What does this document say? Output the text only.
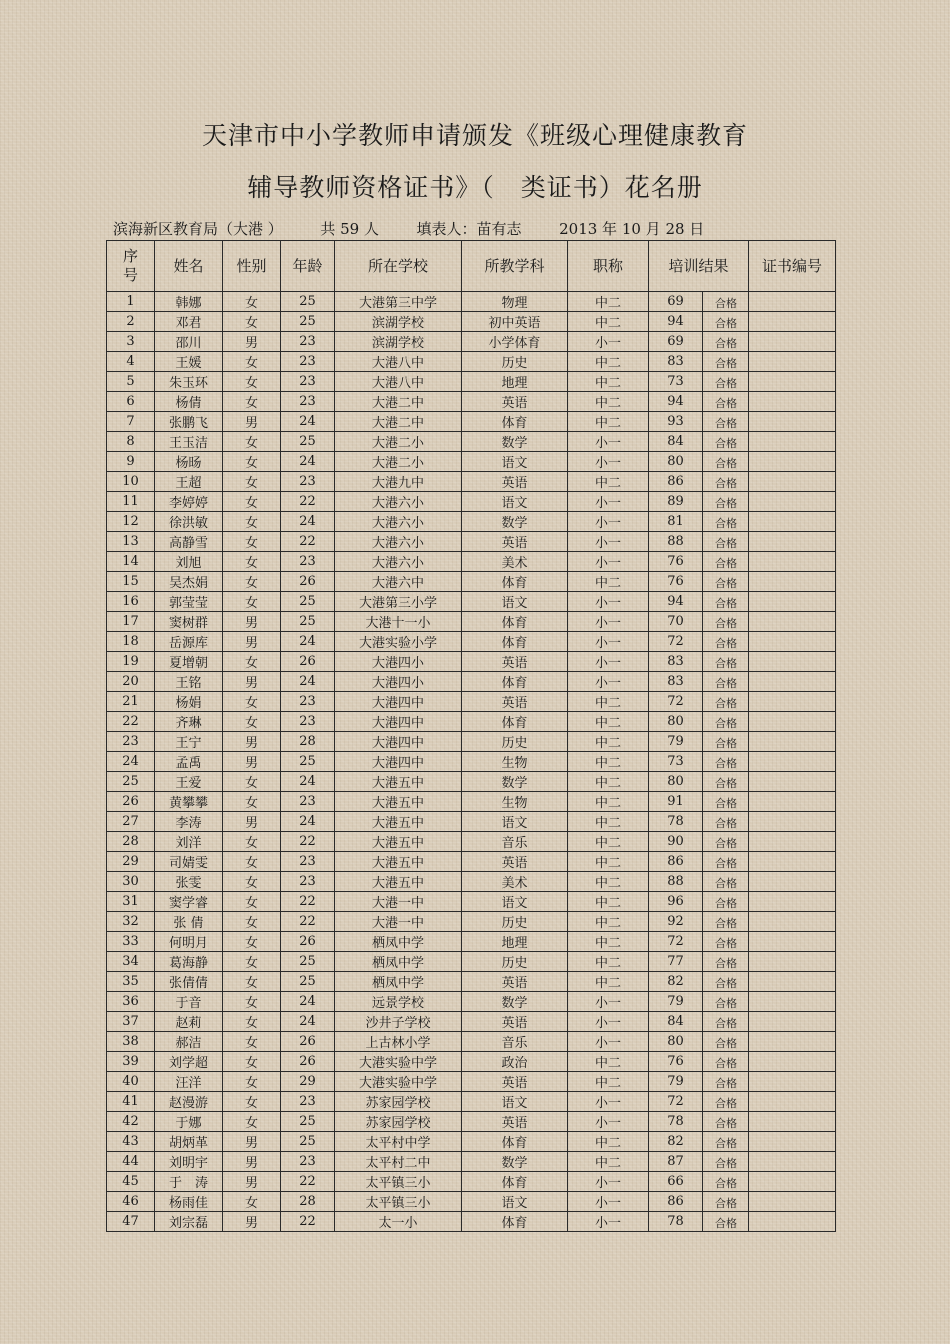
天津市中小学教师申请颁发《班级心理健康教育
辅导教师资格证书》（　类证书）花名册
滨海新区教育局（大港 ）	共 59 人	填表人：苗有志	2013 年 10 月 28 日
序号	姓名	性别	年龄	所在学校	所教学科	职称	培训结果		证书编号
1	韩娜	女	25	大港第三中学	物理	中二	69	合格	
2	邓君	女	25	滨湖学校	初中英语	中二	94	合格	
3	邵川	男	23	滨湖学校	小学体育	小一	69	合格	
4	王媛	女	23	大港八中	历史	中二	83	合格	
5	朱玉环	女	23	大港八中	地理	中二	73	合格	
6	杨倩	女	23	大港二中	英语	中二	94	合格	
7	张鹏飞	男	24	大港二中	体育	中二	93	合格	
8	王玉洁	女	25	大港二小	数学	小一	84	合格	
9	杨旸	女	24	大港二小	语文	小一	80	合格	
10	王超	女	23	大港九中	英语	中二	86	合格	
11	李婷婷	女	22	大港六小	语文	小一	89	合格	
12	徐洪敏	女	24	大港六小	数学	小一	81	合格	
13	高静雪	女	22	大港六小	英语	小一	88	合格	
14	刘旭	女	23	大港六小	美术	小一	76	合格	
15	吴杰娟	女	26	大港六中	体育	中二	76	合格	
16	郭莹莹	女	25	大港第三小学	语文	小一	94	合格	
17	窦树群	男	25	大港十一小	体育	小一	70	合格	
18	岳源库	男	24	大港实验小学	体育	小一	72	合格	
19	夏增朝	女	26	大港四小	英语	小一	83	合格	
20	王铭	男	24	大港四小	体育	小一	83	合格	
21	杨娟	女	23	大港四中	英语	中二	72	合格	
22	齐琳	女	23	大港四中	体育	中二	80	合格	
23	王宁	男	28	大港四中	历史	中二	79	合格	
24	孟禹	男	25	大港四中	生物	中二	73	合格	
25	王爱	女	24	大港五中	数学	中二	80	合格	
26	黄攀攀	女	23	大港五中	生物	中二	91	合格	
27	李涛	男	24	大港五中	语文	中二	78	合格	
28	刘洋	女	22	大港五中	音乐	中二	90	合格	
29	司婧雯	女	23	大港五中	英语	中二	86	合格	
30	张雯	女	23	大港五中	美术	中二	88	合格	
31	窦学睿	女	22	大港一中	语文	中二	96	合格	
32	张 倩	女	22	大港一中	历史	中二	92	合格	
33	何明月	女	26	栖凤中学	地理	中二	72	合格	
34	葛海静	女	25	栖凤中学	历史	中二	77	合格	
35	张倩倩	女	25	栖凤中学	英语	中二	82	合格	
36	于音	女	24	远景学校	数学	小一	79	合格	
37	赵莉	女	24	沙井子学校	英语	小一	84	合格	
38	郝洁	女	26	上古林小学	音乐	小一	80	合格	
39	刘学超	女	26	大港实验中学	政治	中二	76	合格	
40	汪洋	女	29	大港实验中学	英语	中二	79	合格	
41	赵漫游	女	23	苏家园学校	语文	小一	72	合格	
42	于娜	女	25	苏家园学校	英语	小一	78	合格	
43	胡炳革	男	25	太平村中学	体育	中二	82	合格	
44	刘明宇	男	23	太平村二中	数学	中二	87	合格	
45	于　涛	男	22	太平镇三小	体育	小一	66	合格	
46	杨雨佳	女	28	太平镇三小	语文	小一	86	合格	
47	刘宗磊	男	22	太一小	体育	小一	78	合格	
